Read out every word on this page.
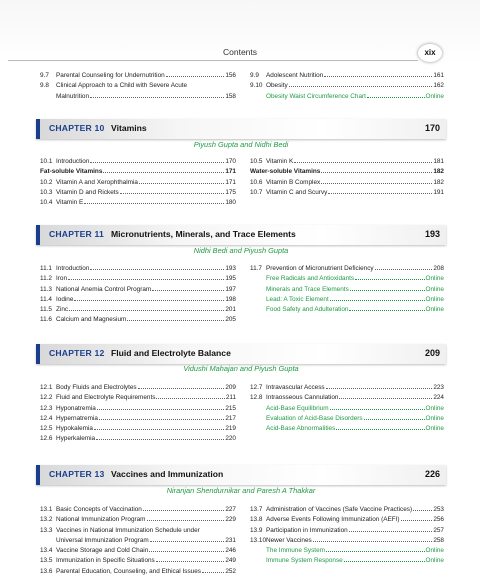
Contents	xix
9.7	Parental Counseling for Undernutrition	156
9.8	Clinical Approach to a Child with Severe Acute
Malnutrition	158
9.9	Adolescent Nutrition	161
9.10 Obesity	162
Obesity Waist Circumference Chart	Online
CHAPTER 10 Vitamins	170
Piyush Gupta and Nidhi Bedi
10.1 Introduction	170
Fat-soluble Vitamins	171
10.2 Vitamin A and Xerophthalmia	171
10.3 Vitamin D and Rickets	175
10.4 Vitamin E	180
10.5 Vitamin K	181
Water-soluble Vitamins	182
10.6 Vitamin B Complex	182
10.7 Vitamin C and Scurvy	191
CHAPTER 11 Micronutrients, Minerals, and Trace Elements	193
Nidhi Bedi and Piyush Gupta
11.1 Introduction	193
11.2 Iron	195
11.3 National Anemia Control Program	197
11.4 Iodine	198
11.5 Zinc	201
11.6 Calcium and Magnesium	205
11.7 Prevention of Micronutrient Deficiency	208
Free Radicals and Antioxidants	Online
Minerals and Trace Elements	Online
Lead: A Toxic Element	Online
Food Safety and Adulteration	Online
CHAPTER 12 Fluid and Electrolyte Balance	209
Vidushi Mahajan and Piyush Gupta
12.1 Body Fluids and Electrolytes	209
12.2 Fluid and Electrolyte Requirements	211
12.3 Hyponatremia	215
12.4 Hypernatremia	217
12.5 Hypokalemia	219
12.6 Hyperkalemia	220
12.7 Intravascular Access	223
12.8 Intraosseous Cannulation	224
Acid-Base Equilibrium	Online
Evaluation of Acid-Base Disorders	Online
Acid-Base Abnormalities	Online
CHAPTER 13 Vaccines and Immunization	226
Niranjan Shendurnikar and Paresh A Thakkar
13.1 Basic Concepts of Vaccination	227
13.2 National Immunization Program	229
13.3 Vaccines in National Immunization Schedule under
Universal Immunization Program	231
13.4 Vaccine Storage and Cold Chain	246
13.5 Immunization in Specific Situations	249
13.6 Parental Education, Counseling, and Ethical Issues	252
13.7 Administration of Vaccines (Safe Vaccine Practices)	253
13.8 Adverse Events Following Immunization (AEFI)	256
13.9 Participation in Immunization	257
13.10 Newer Vaccines	258
The Immune System	Online
Immune System Response	Online
